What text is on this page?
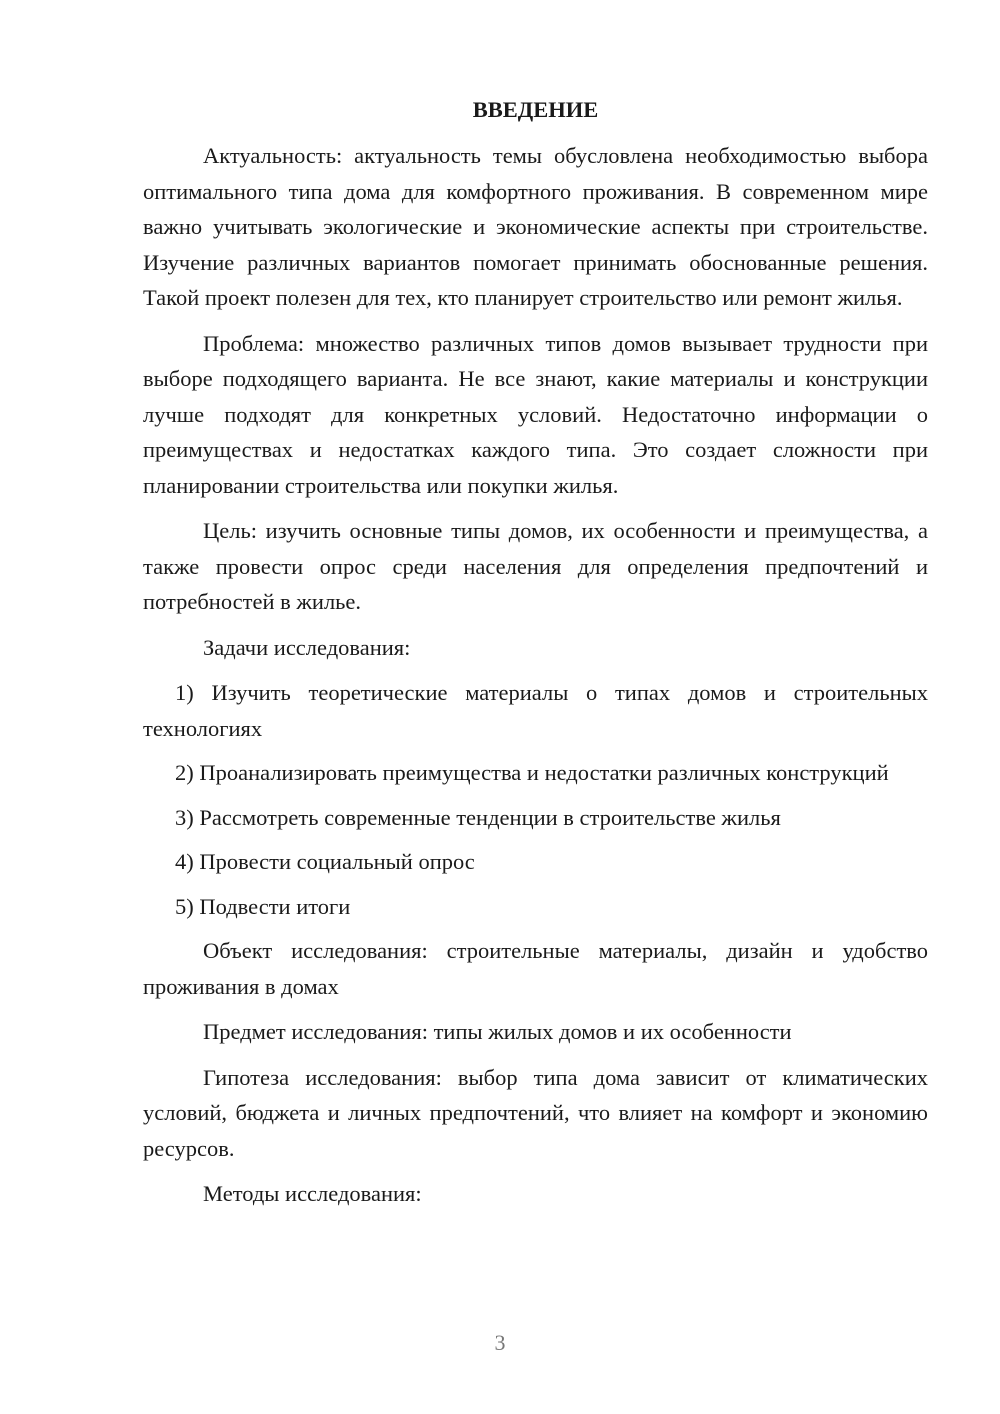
ВВЕДЕНИЕ

Актуальность: актуальность темы обусловлена необходимостью выбора оптимального типа дома для комфортного проживания. В современном мире важно учитывать экологические и экономические аспекты при строительстве. Изучение различных вариантов помогает принимать обоснованные решения. Такой проект полезен для тех, кто планирует строительство или ремонт жилья.

Проблема: множество различных типов домов вызывает трудности при выборе подходящего варианта. Не все знают, какие материалы и конструкции лучше подходят для конкретных условий. Недостаточно информации о преимуществах и недостатках каждого типа. Это создает сложности при планировании строительства или покупки жилья.

Цель: изучить основные типы домов, их особенности и преимущества, а также провести опрос среди населения для определения предпочтений и потребностей в жилье.

Задачи исследования:

1) Изучить теоретические материалы о типах домов и строительных технологиях

2) Проанализировать преимущества и недостатки различных конструкций

3) Рассмотреть современные тенденции в строительстве жилья

4) Провести социальный опрос

5) Подвести итоги

Объект исследования: строительные материалы, дизайн и удобство проживания в домах

Предмет исследования: типы жилых домов и их особенности

Гипотеза исследования: выбор типа дома зависит от климатических условий, бюджета и личных предпочтений, что влияет на комфорт и экономию ресурсов.

Методы исследования:

3
